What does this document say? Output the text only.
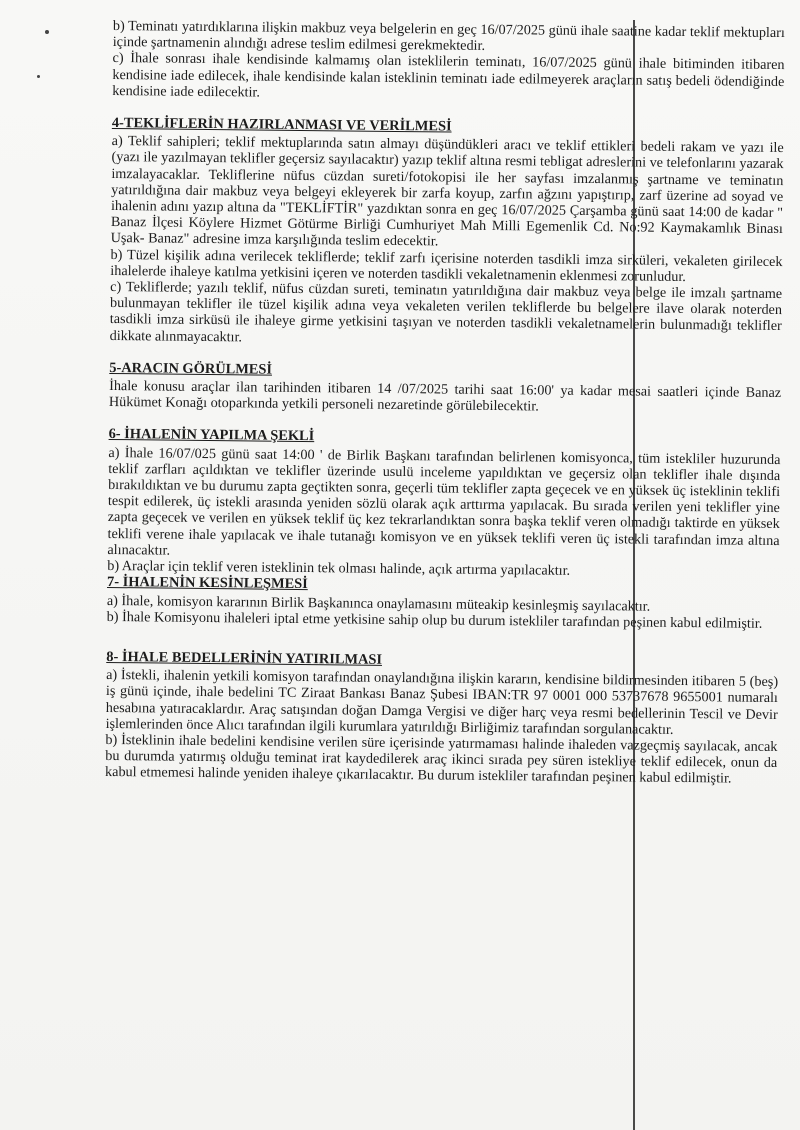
b) Teminatı yatırdıklarına ilişkin makbuz veya belgelerin en geç 16/07/2025 günü ihale saatine kadar teklif mektupları içinde şartnamenin alındığı adrese teslim edilmesi gerekmektedir.

c) İhale sonrası ihale kendisinde kalmamış olan isteklilerin teminatı, 16/07/2025 günü ihale bitiminden itibaren kendisine iade edilecek, ihale kendisinde kalan isteklinin teminatı iade edilmeyerek araçların satış bedeli ödendiğinde kendisine iade edilecektir.

4-TEKLİFLERİN HAZIRLANMASI VE VERİLMESİ

a) Teklif sahipleri; teklif mektuplarında satın almayı düşündükleri aracı ve teklif ettikleri bedeli rakam ve yazı ile (yazı ile yazılmayan teklifler geçersiz sayılacaktır) yazıp teklif altına resmi tebligat adreslerini ve telefonlarını yazarak imzalayacaklar. Tekliflerine nüfus cüzdan sureti/fotokopisi ile her sayfası imzalanmış şartname ve teminatın yatırıldığına dair makbuz veya belgeyi ekleyerek bir zarfa koyup, zarfın ağzını yapıştırıp, zarf üzerine ad soyad ve ihalenin adını yazıp altına da "TEKLİFTİR" yazdıktan sonra en geç 16/07/2025 Çarşamba günü saat 14:00 de kadar " Banaz İlçesi Köylere Hizmet Götürme Birliği Cumhuriyet Mah Milli Egemenlik Cd. No:92 Kaymakamlık Binası Uşak- Banaz" adresine imza karşılığında teslim edecektir.

b) Tüzel kişilik adına verilecek tekliflerde; teklif zarfı içerisine noterden tasdikli imza sirküleri, vekaleten girilecek ihalelerde ihaleye katılma yetkisini içeren ve noterden tasdikli vekaletnamenin eklenmesi zorunludur.

c) Tekliflerde; yazılı teklif, nüfus cüzdan sureti, teminatın yatırıldığına dair makbuz veya belge ile imzalı şartname bulunmayan teklifler ile tüzel kişilik adına veya vekaleten verilen tekliflerde bu belgelere ilave olarak noterden tasdikli imza sirküsü ile ihaleye girme yetkisini taşıyan ve noterden tasdikli vekaletnamelerin bulunmadığı teklifler dikkate alınmayacaktır.

5-ARACIN GÖRÜLMESİ

İhale konusu araçlar ilan tarihinden itibaren 14 /07/2025 tarihi saat 16:00' ya kadar mesai saatleri içinde Banaz Hükümet Konağı otoparkında yetkili personeli nezaretinde görülebilecektir.

6- İHALENİN YAPILMA ŞEKLİ

a) İhale 16/07/025 günü saat 14:00 ' de Birlik Başkanı tarafından belirlenen komisyonca, tüm istekliler huzurunda teklif zarfları açıldıktan ve teklifler üzerinde usulü inceleme yapıldıktan ve geçersiz olan teklifler ihale dışında bırakıldıktan ve bu durumu zapta geçtikten sonra, geçerli tüm teklifler zapta geçecek ve en yüksek üç isteklinin teklifi tespit edilerek, üç istekli arasında yeniden sözlü olarak açık arttırma yapılacak. Bu sırada verilen yeni teklifler yine zapta geçecek ve verilen en yüksek teklif üç kez tekrarlandıktan sonra başka teklif veren olmadığı taktirde en yüksek teklifi verene ihale yapılacak ve ihale tutanağı komisyon ve en yüksek teklifi veren üç istekli tarafından imza altına alınacaktır.

b) Araçlar için teklif veren isteklinin tek olması halinde, açık artırma yapılacaktır.

7- İHALENİN KESİNLEŞMESİ

a) İhale, komisyon kararının Birlik Başkanınca onaylamasını müteakip kesinleşmiş sayılacaktır.

b) İhale Komisyonu ihaleleri iptal etme yetkisine sahip olup bu durum istekliler tarafından peşinen kabul edilmiştir.

8- İHALE BEDELLERİNİN YATIRILMASI

a) İstekli, ihalenin yetkili komisyon tarafından onaylandığına ilişkin kararın, kendisine bildirmesinden itibaren 5 (beş) iş günü içinde, ihale bedelini TC Ziraat Bankası Banaz Şubesi IBAN:TR 97 0001 000 53737678 9655001 numaralı hesabına yatıracaklardır. Araç satışından doğan Damga Vergisi ve diğer harç veya resmi bedellerinin Tescil ve Devir işlemlerinden önce Alıcı tarafından ilgili kurumlara yatırıldığı Birliğimiz tarafından sorgulanacaktır.

b) İsteklinin ihale bedelini kendisine verilen süre içerisinde yatırmaması halinde ihaleden vazgeçmiş sayılacak, ancak bu durumda yatırmış olduğu teminat irat kaydedilerek araç ikinci sırada pey süren istekliye teklif edilecek, onun da kabul etmemesi halinde yeniden ihaleye çıkarılacaktır. Bu durum istekliler tarafından peşinen kabul edilmiştir.
